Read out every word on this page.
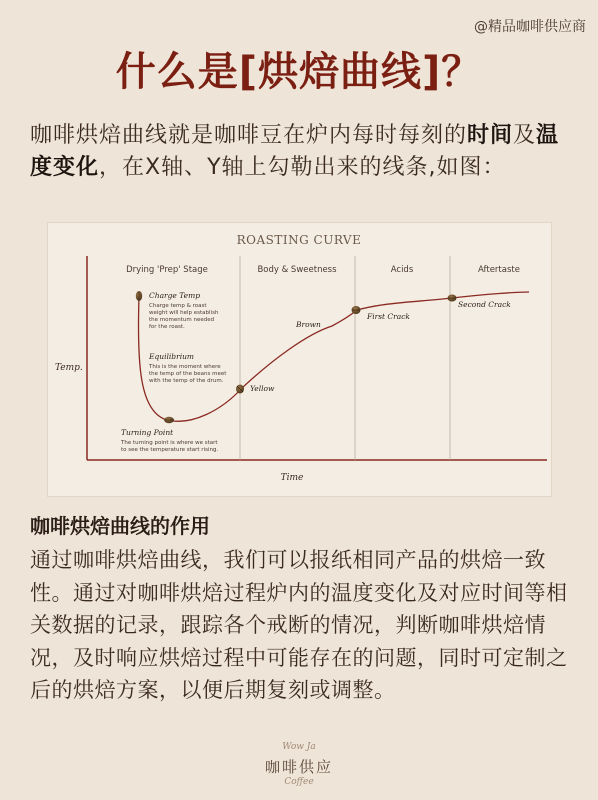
@精品咖啡供应商
什么是[烘焙曲线]？

咖啡烘焙曲线就是咖啡豆在炉内每时每刻的时间及温度变化，在X轴、Y轴上勾勒出来的线条,如图：

ROASTING CURVE
Drying 'Prep' Stage	Body & Sweetness	Acids	Aftertaste
Temp.
Time
Charge Temp
Charge temp & roast
weight will help establish
the momentum needed
for the roast.
Equilibrium
This is the moment where
the temp of the beans meet
with the temp of the drum.
Turning Point
The turning point is where we start
to see the temperature start rising.
Yellow
Brown
First Crack
Second Crack
咖啡烘焙曲线的作用

通过咖啡烘焙曲线，我们可以报纸相同产品的烘焙一致性。通过对咖啡烘焙过程炉内的温度变化及对应时间等相关数据的记录，跟踪各个戒断的情况，判断咖啡烘焙情况，及时响应烘焙过程中可能存在的问题，同时可定制之后的烘焙方案，以便后期复刻或调整。

Wow Ja
咖啡供应
Coffee
